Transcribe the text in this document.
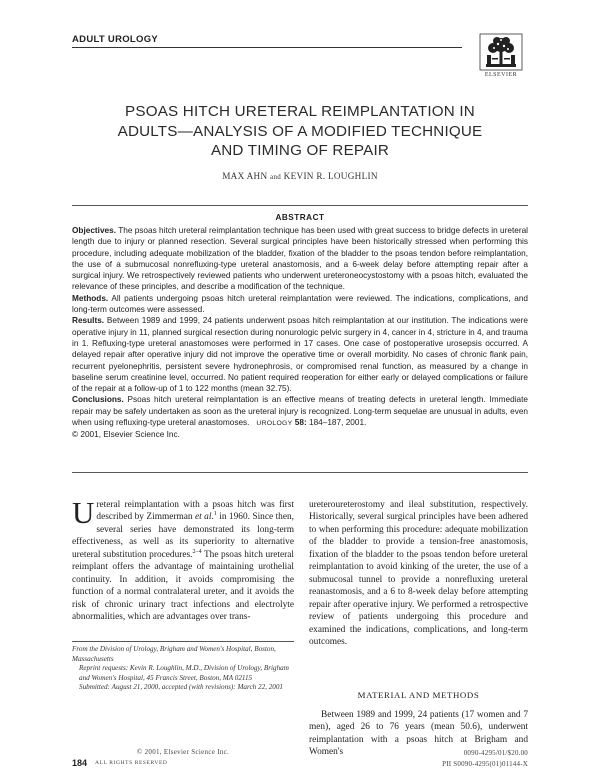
ADULT UROLOGY
ELSEVIER
PSOAS HITCH URETERAL REIMPLANTATION IN
ADULTS—ANALYSIS OF A MODIFIED TECHNIQUE
AND TIMING OF REPAIR
MAX AHN and KEVIN R. LOUGHLIN
ABSTRACT

Objectives. The psoas hitch ureteral reimplantation technique has been used with great success to bridge defects in ureteral length due to injury or planned resection. Several surgical principles have been historically stressed when performing this procedure, including adequate mobilization of the bladder, fixation of the bladder to the psoas tendon before reimplantation, the use of a submucosal nonrefluxing-type ureteral anastomosis, and a 6-week delay before attempting repair after a surgical injury. We retrospectively reviewed patients who underwent ureteroneocystostomy with a psoas hitch, evaluated the relevance of these principles, and describe a modification of the technique.

Methods. All patients undergoing psoas hitch ureteral reimplantation were reviewed. The indications, complications, and long-term outcomes were assessed.

Results. Between 1989 and 1999, 24 patients underwent psoas hitch reimplantation at our institution. The indications were operative injury in 11, planned surgical resection during nonurologic pelvic surgery in 4, cancer in 4, stricture in 4, and trauma in 1. Refluxing-type ureteral anastomoses were performed in 17 cases. One case of postoperative urosepsis occurred. A delayed repair after operative injury did not improve the operative time or overall morbidity. No cases of chronic flank pain, recurrent pyelonephritis, persistent severe hydronephrosis, or compromised renal function, as measured by a change in baseline serum creatinine level, occurred. No patient required reoperation for either early or delayed complications or failure of the repair at a follow-up of 1 to 122 months (mean 32.75).

Conclusions. Psoas hitch ureteral reimplantation is an effective means of treating defects in ureteral length. Immediate repair may be safely undertaken as soon as the ureteral injury is recognized. Long-term sequelae are unusual in adults, even when using refluxing-type ureteral anastomoses. UROLOGY 58: 184–187, 2001.

© 2001, Elsevier Science Inc.

Ureteral reimplantation with a psoas hitch was first described by Zimmerman et al.$^1$ in 1960. Since then, several series have demonstrated its long-term effectiveness, as well as its superiority to alternative ureteral substitution procedures.$^{2-4}$ The psoas hitch ureteral reimplant offers the advantage of maintaining urothelial continuity. In addition, it avoids compromising the function of a normal contralateral ureter, and it avoids the risk of chronic urinary tract infections and electrolyte abnormalities, which are advantages over trans-

From the Division of Urology, Brigham and Women's Hospital, Boston, Massachusetts

Reprint requests: Kevin R. Loughlin, M.D., Division of Urology, Brigham and Women's Hospital, 45 Francis Street, Boston, MA 02115

Submitted: August 21, 2000, accepted (with revisions): March 22, 2001

ureteroureterostomy and ileal substitution, respectively. Historically, several surgical principles have been adhered to when performing this procedure: adequate mobilization of the bladder to provide a tension-free anastomosis, fixation of the bladder to the psoas tendon before ureteral reimplantation to avoid kinking of the ureter, the use of a submucosal tunnel to provide a nonrefluxing ureteral reanastomosis, and a 6 to 8-week delay before attempting repair after operative injury. We performed a retrospective review of patients undergoing this procedure and examined the indications, complications, and long-term outcomes.

MATERIAL AND METHODS

Between 1989 and 1999, 24 patients (17 women and 7 men), aged 26 to 76 years (mean 50.6), underwent reimplantation with a psoas hitch at Brigham and Women's

© 2001, Elsevier Science Inc.
184 ALL RIGHTS RESERVED
0090-4295/01/$20.00
PII S0090-4295(01)01144-X
